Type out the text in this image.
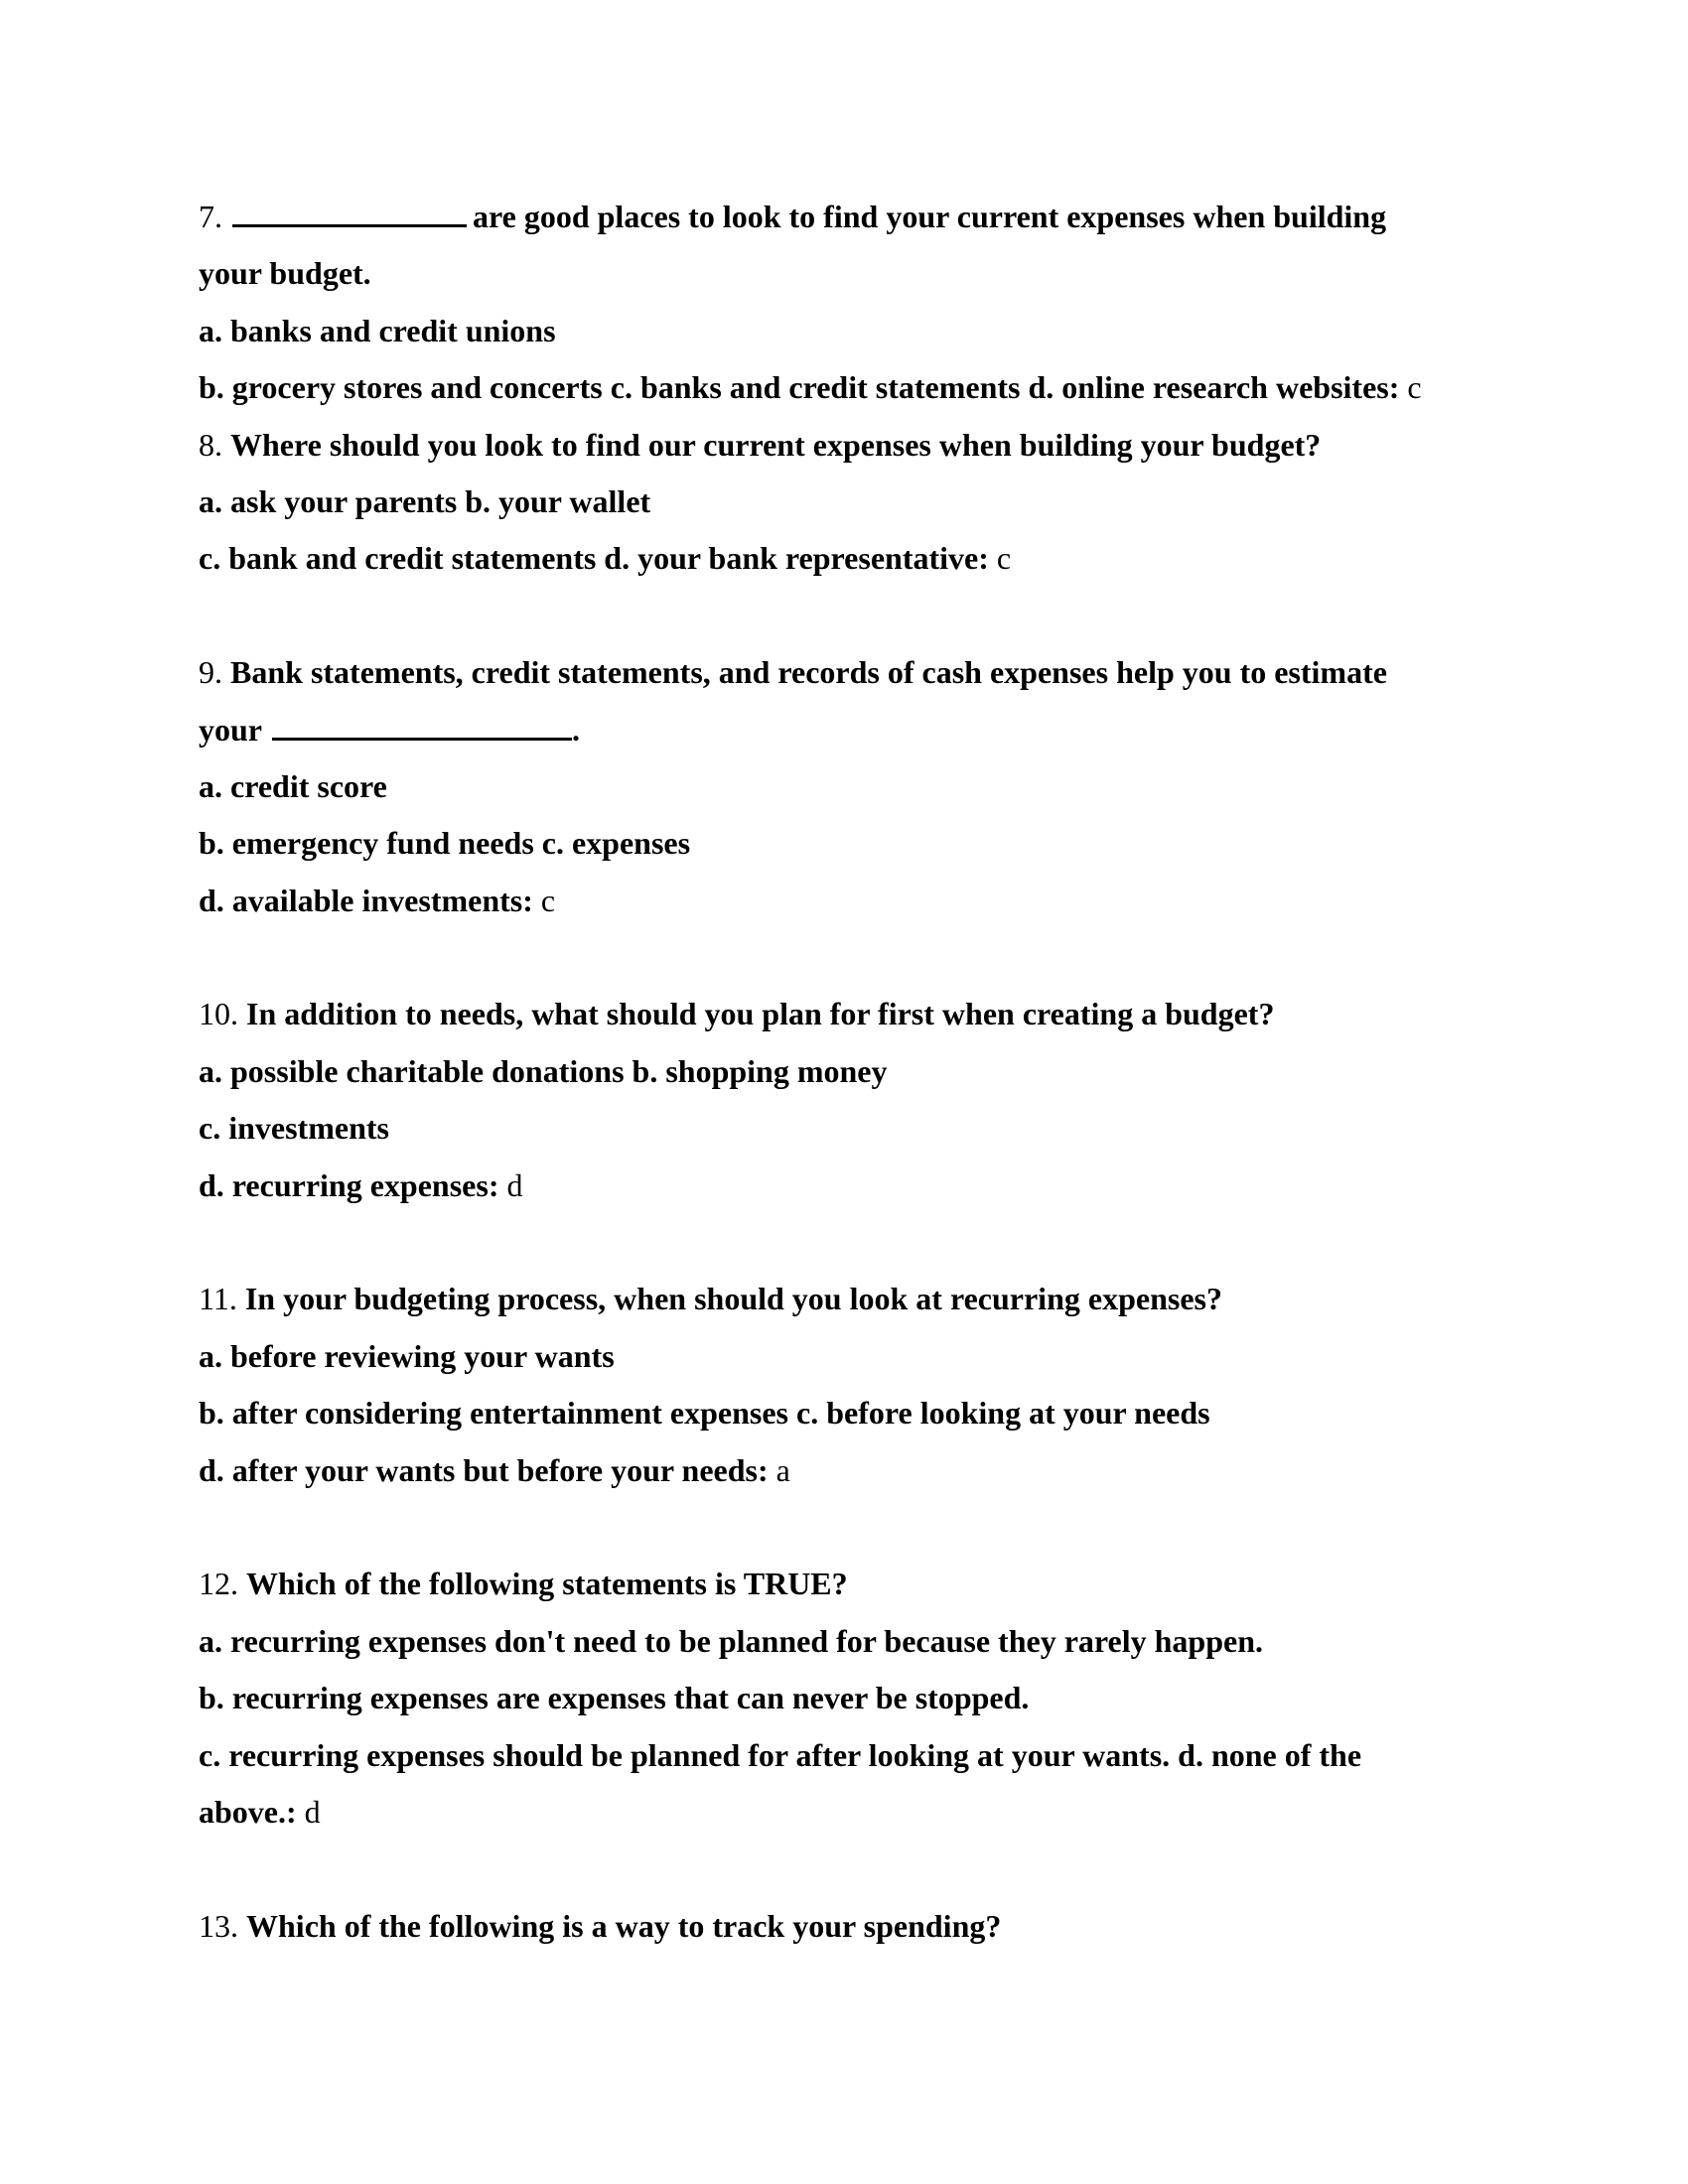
7.	are good places to look to find your current expenses when building
your budget.
a. banks and credit unions
b. grocery stores and concerts c. banks and credit statements d. online research websites: c
8. Where should you look to find our current expenses when building your budget?
a. ask your parents b. your wallet
c. bank and credit statements d. your bank representative: c
9. Bank statements, credit statements, and records of cash expenses help you to estimate
your	.
a. credit score
b. emergency fund needs c. expenses
d. available investments: c
10. In addition to needs, what should you plan for first when creating a budget?
a. possible charitable donations b. shopping money
c. investments
d. recurring expenses: d
11. In your budgeting process, when should you look at recurring expenses?
a. before reviewing your wants
b. after considering entertainment expenses c. before looking at your needs
d. after your wants but before your needs: a
12. Which of the following statements is TRUE?
a. recurring expenses don't need to be planned for because they rarely happen.
b. recurring expenses are expenses that can never be stopped.
c. recurring expenses should be planned for after looking at your wants. d. none of the
above.: d
13. Which of the following is a way to track your spending?
